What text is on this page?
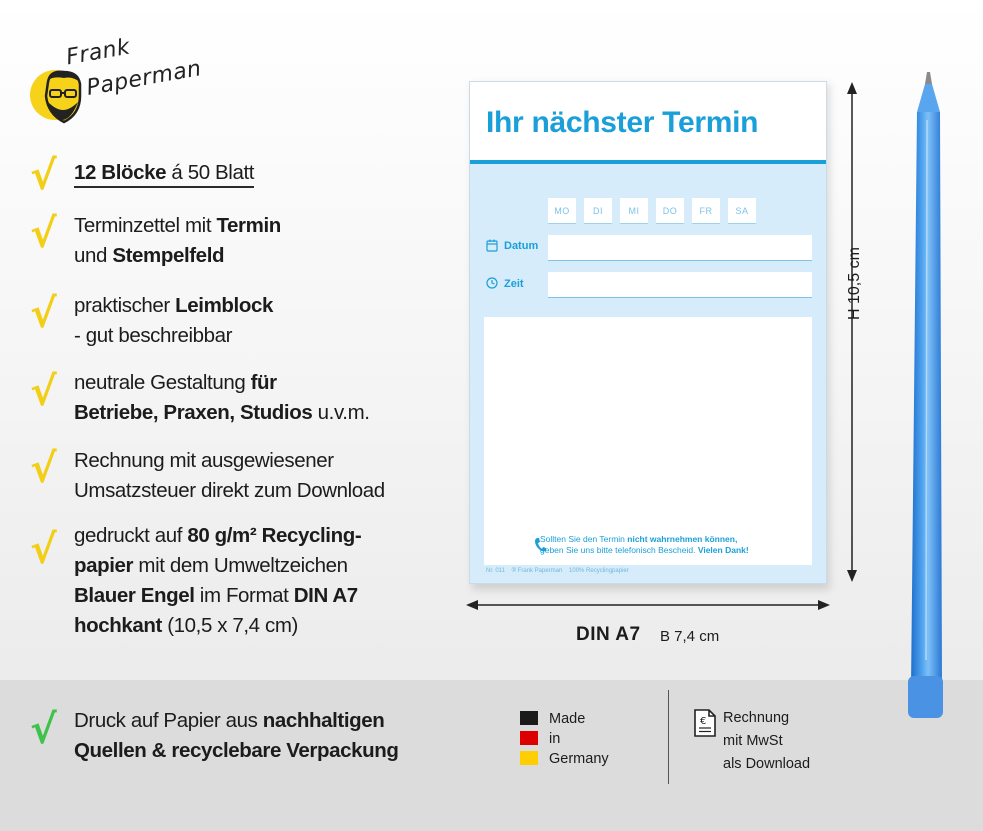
Frank
Paperman
√ 12 Blöcke á 50 Blatt
√ Terminzettel mit Termin
und Stempelfeld
√ praktischer Leimblock
- gut beschreibbar
√ neutrale Gestaltung für
Betriebe, Praxen, Studios u.v.m.
√ Rechnung mit ausgewiesener
Umsatzsteuer direkt zum Download
√ gedruckt auf 80 g/m² Recycling-
papier mit dem Umweltzeichen
Blauer Engel im Format DIN A7
hochkant (10,5 x 7,4 cm)
√ Druck auf Papier aus nachhaltigen
Quellen & recyclebare Verpackung
Ihr nächster Termin
MO	DI	MI	DO	FR	SA
Datum
Zeit
Sollten Sie den Termin nicht wahrnehmen können,
geben Sie uns bitte telefonisch Bescheid. Vielen Dank!
Nr. 011 ® Frank Paperman 100% Recyclingpapier
H 10,5 cm
DIN A7 B 7,4 cm
Made
in
Germany
€ Rechnung
mit MwSt
als Download
